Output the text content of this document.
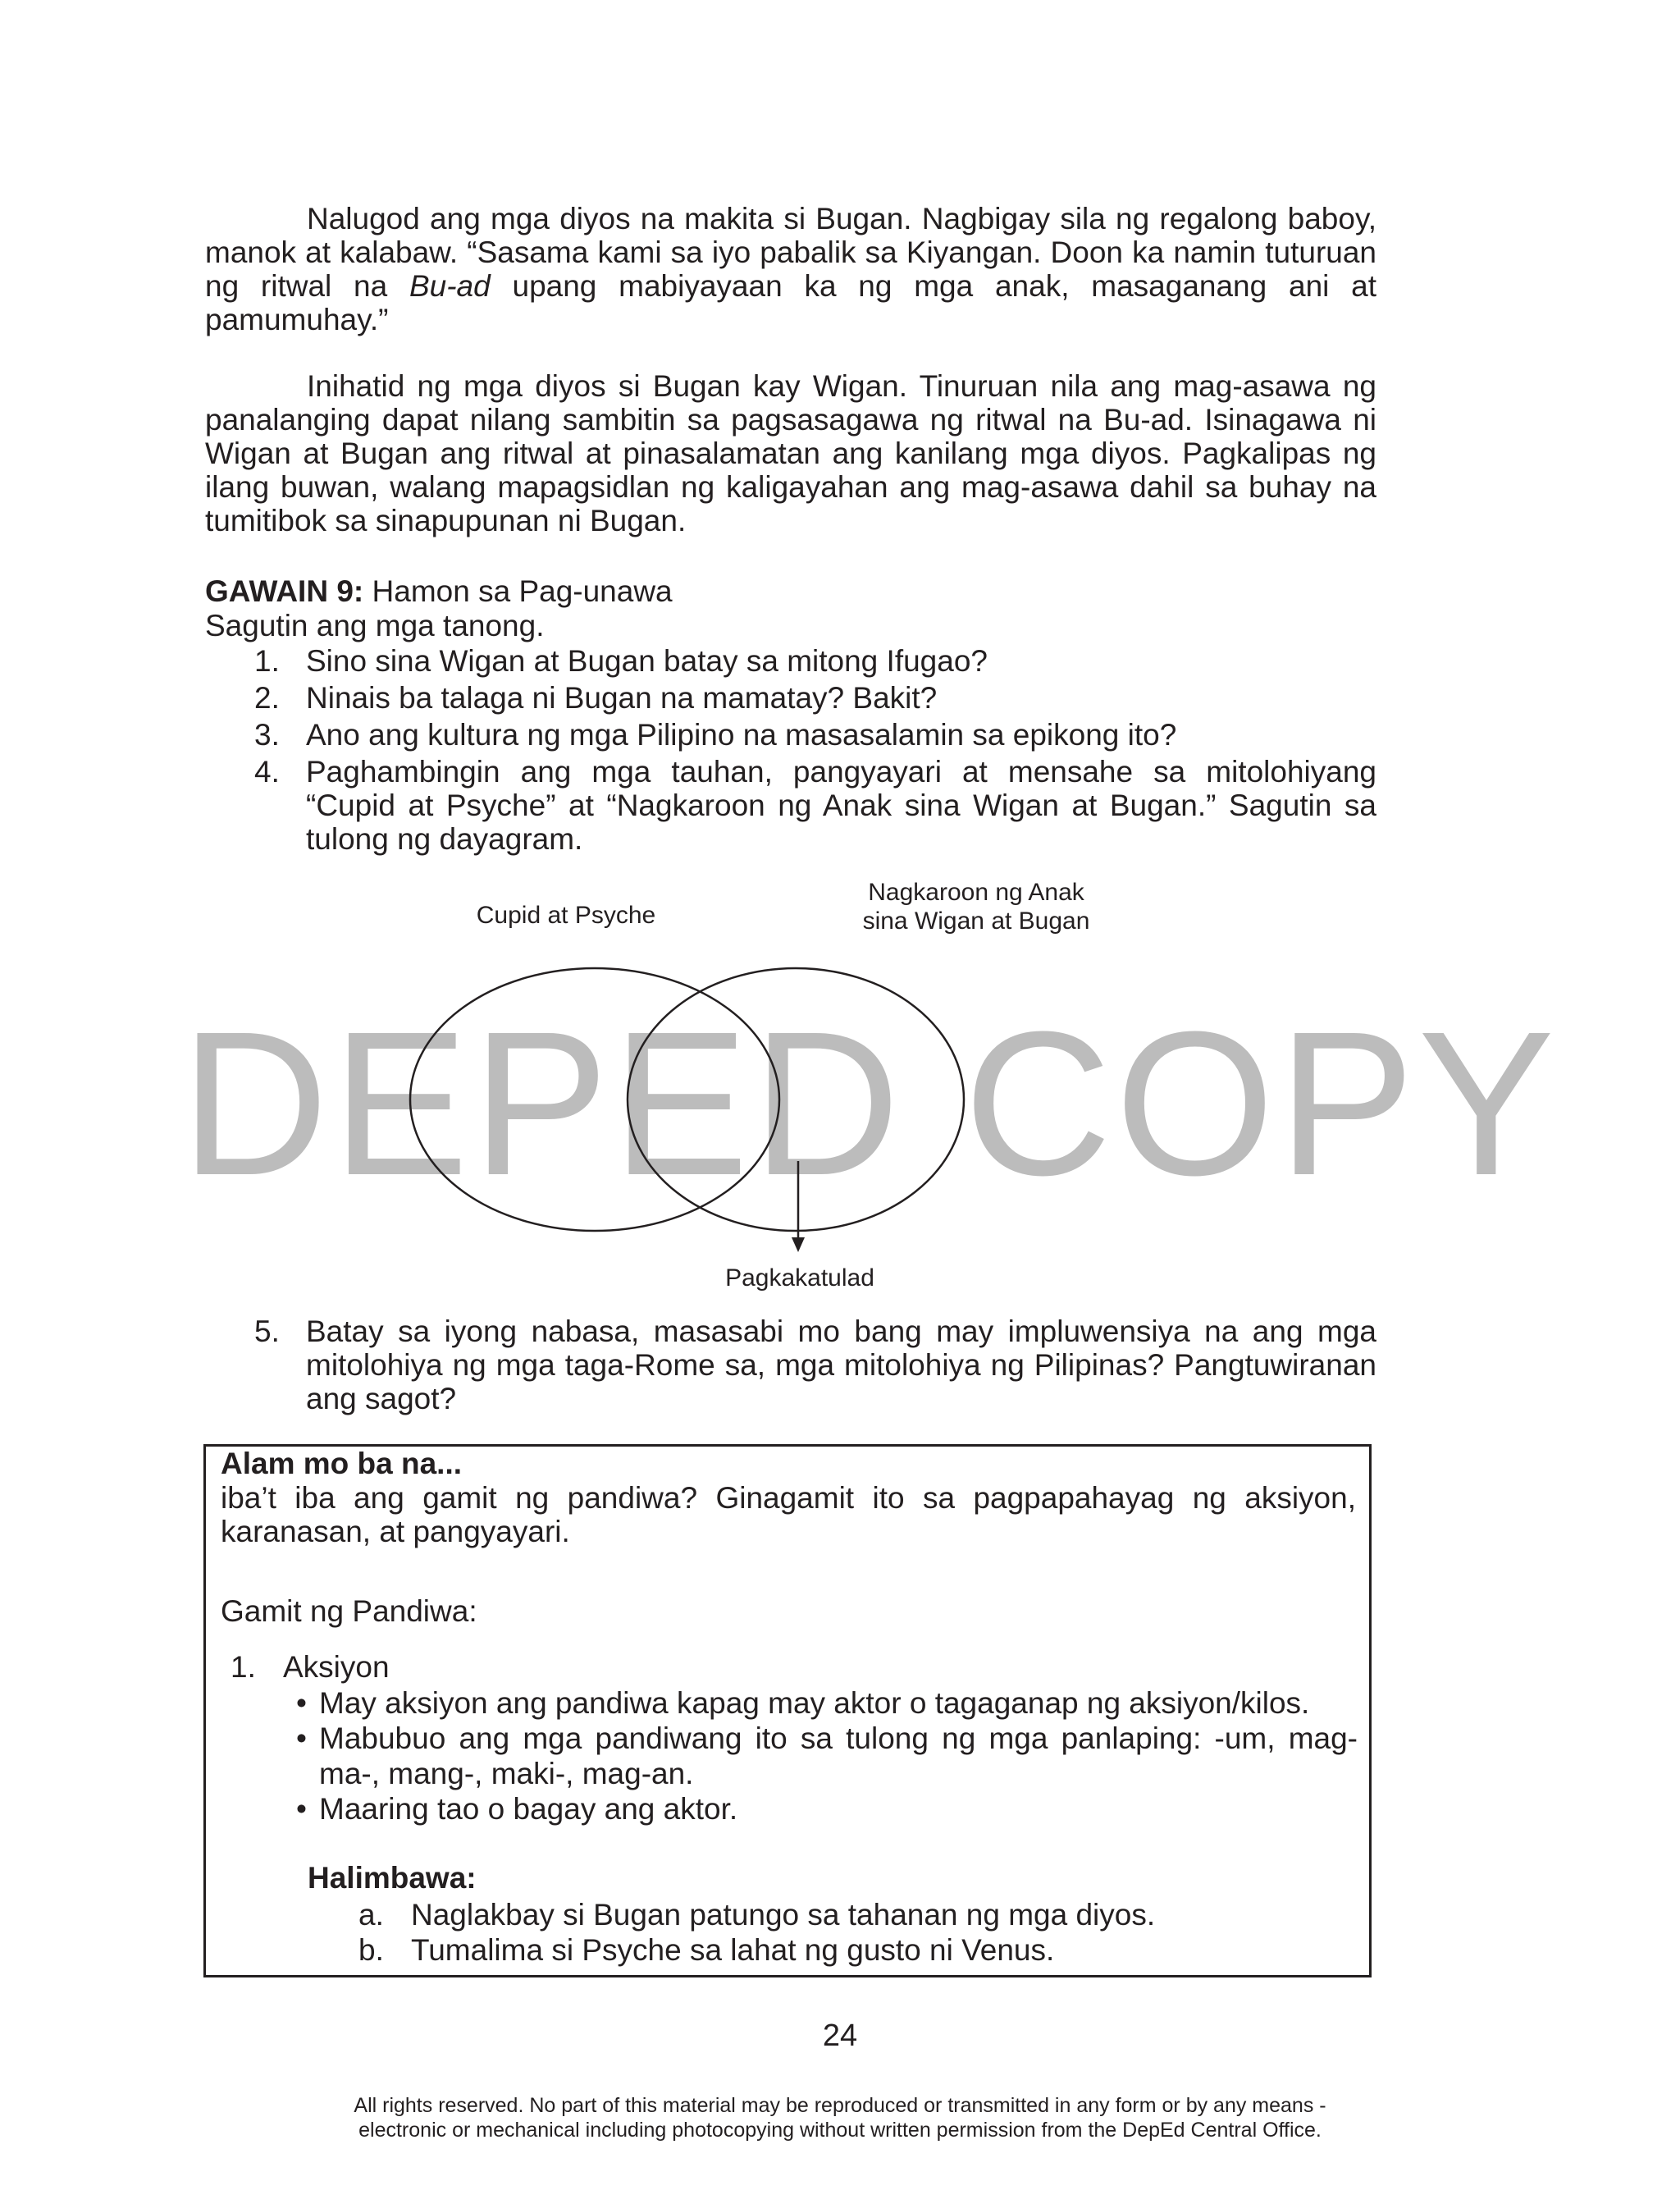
DEPED COPY

Nalugod ang mga diyos na makita si Bugan. Nagbigay sila ng regalong baboy, manok at kalabaw. “Sasama kami sa iyo pabalik sa Kiyangan. Doon ka namin tuturuan ng ritwal na Bu-ad upang mabiyayaan ka ng mga anak, masaganang ani at pamumuhay.”

Inihatid ng mga diyos si Bugan kay Wigan. Tinuruan nila ang mag-asawa ng panalanging dapat nilang sambitin sa pagsasagawa ng ritwal na Bu-ad. Isinagawa ni Wigan at Bugan ang ritwal at pinasalamatan ang kanilang mga diyos. Pagkalipas ng ilang buwan, walang mapagsidlan ng kaligayahan ang mag-asawa dahil sa buhay na tumitibok sa sinapupunan ni Bugan.

GAWAIN 9: Hamon sa Pag-unawa
Sagutin ang mga tanong.
1. Sino sina Wigan at Bugan batay sa mitong Ifugao?
2. Ninais ba talaga ni Bugan na mamatay? Bakit?
3. Ano ang kultura ng mga Pilipino na masasalamin sa epikong ito?
4. Paghambingin ang mga tauhan, pangyayari at mensahe sa mitolohiyang “Cupid at Psyche” at “Nagkaroon ng Anak sina Wigan at Bugan.” Sagutin sa tulong ng dayagram.
Cupid at Psyche
Nagkaroon ng Anak
sina Wigan at Bugan
Pagkakatulad
5. Batay sa iyong nabasa, masasabi mo bang may impluwensiya na ang mga mitolohiya ng mga taga-Rome sa, mga mitolohiya ng Pilipinas? Pangtuwiranan ang sagot?
Alam mo ba na...

iba’t iba ang gamit ng pandiwa? Ginagamit ito sa pagpapahayag ng aksiyon, karanasan, at pangyayari.

Gamit ng Pandiwa:
1. Aksiyon
• May aksiyon ang pandiwa kapag may aktor o tagaganap ng aksiyon/kilos.
• Mabubuo ang mga pandiwang ito sa tulong ng mga panlaping: -um, mag-ma-, mang-, maki-, mag-an.
• Maaring tao o bagay ang aktor.
Halimbawa:
a. Naglakbay si Bugan patungo sa tahanan ng mga diyos.
b. Tumalima si Psyche sa lahat ng gusto ni Venus.
24
All rights reserved. No part of this material may be reproduced or transmitted in any form or by any means -
electronic or mechanical including photocopying without written permission from the DepEd Central Office.
